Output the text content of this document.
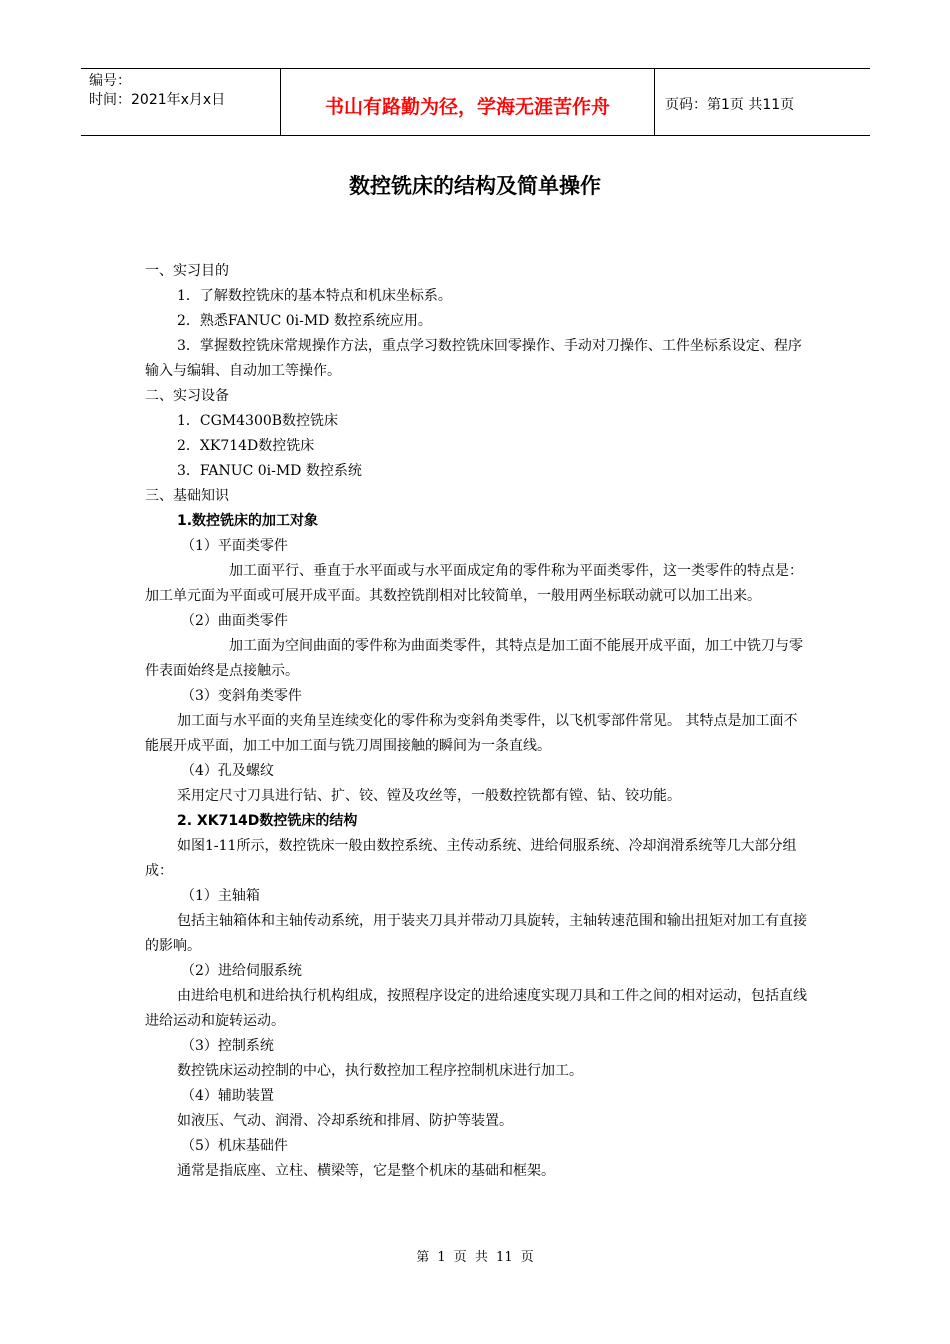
编号：
时间：2021年x月x日	书山有路勤为径，学海无涯苦作舟	页码：第1页 共11页
数控铣床的结构及简单操作

一、实习目的

1．了解数控铣床的基本特点和机床坐标系。

2．熟悉FANUC 0i-MD 数控系统应用。

3．掌握数控铣床常规操作方法，重点学习数控铣床回零操作、手动对刀操作、工件坐标系设定、程序输入与编辑、自动加工等操作。

二、实习设备

1．CGM4300B数控铣床

2．XK714D数控铣床

3．FANUC 0i-MD 数控系统

三、基础知识

1.数控铣床的加工对象

（1）平面类零件

加工面平行、垂直于水平面或与水平面成定角的零件称为平面类零件，这一类零件的特点是：加工单元面为平面或可展开成平面。其数控铣削相对比较简单，一般用两坐标联动就可以加工出来。

（2）曲面类零件

加工面为空间曲面的零件称为曲面类零件，其特点是加工面不能展开成平面，加工中铣刀与零件表面始终是点接触示。

（3）变斜角类零件

加工面与水平面的夹角呈连续变化的零件称为变斜角类零件，以飞机零部件常见。 其特点是加工面不能展开成平面，加工中加工面与铣刀周围接触的瞬间为一条直线。

（4）孔及螺纹

采用定尺寸刀具进行钻、扩、铰、镗及攻丝等，一般数控铣都有镗、钻、铰功能。

2. XK714D数控铣床的结构

如图1-11所示，数控铣床一般由数控系统、主传动系统、进给伺服系统、冷却润滑系统等几大部分组成：

（1）主轴箱

包括主轴箱体和主轴传动系统，用于装夹刀具并带动刀具旋转，主轴转速范围和输出扭矩对加工有直接的影响。

（2）进给伺服系统

由进给电机和进给执行机构组成，按照程序设定的进给速度实现刀具和工件之间的相对运动，包括直线进给运动和旋转运动。

（3）控制系统

数控铣床运动控制的中心，执行数控加工程序控制机床进行加工。

（4）辅助装置

如液压、气动、润滑、冷却系统和排屑、防护等装置。

（5）机床基础件

通常是指底座、立柱、横梁等，它是整个机床的基础和框架。

第 1 页 共 11 页
